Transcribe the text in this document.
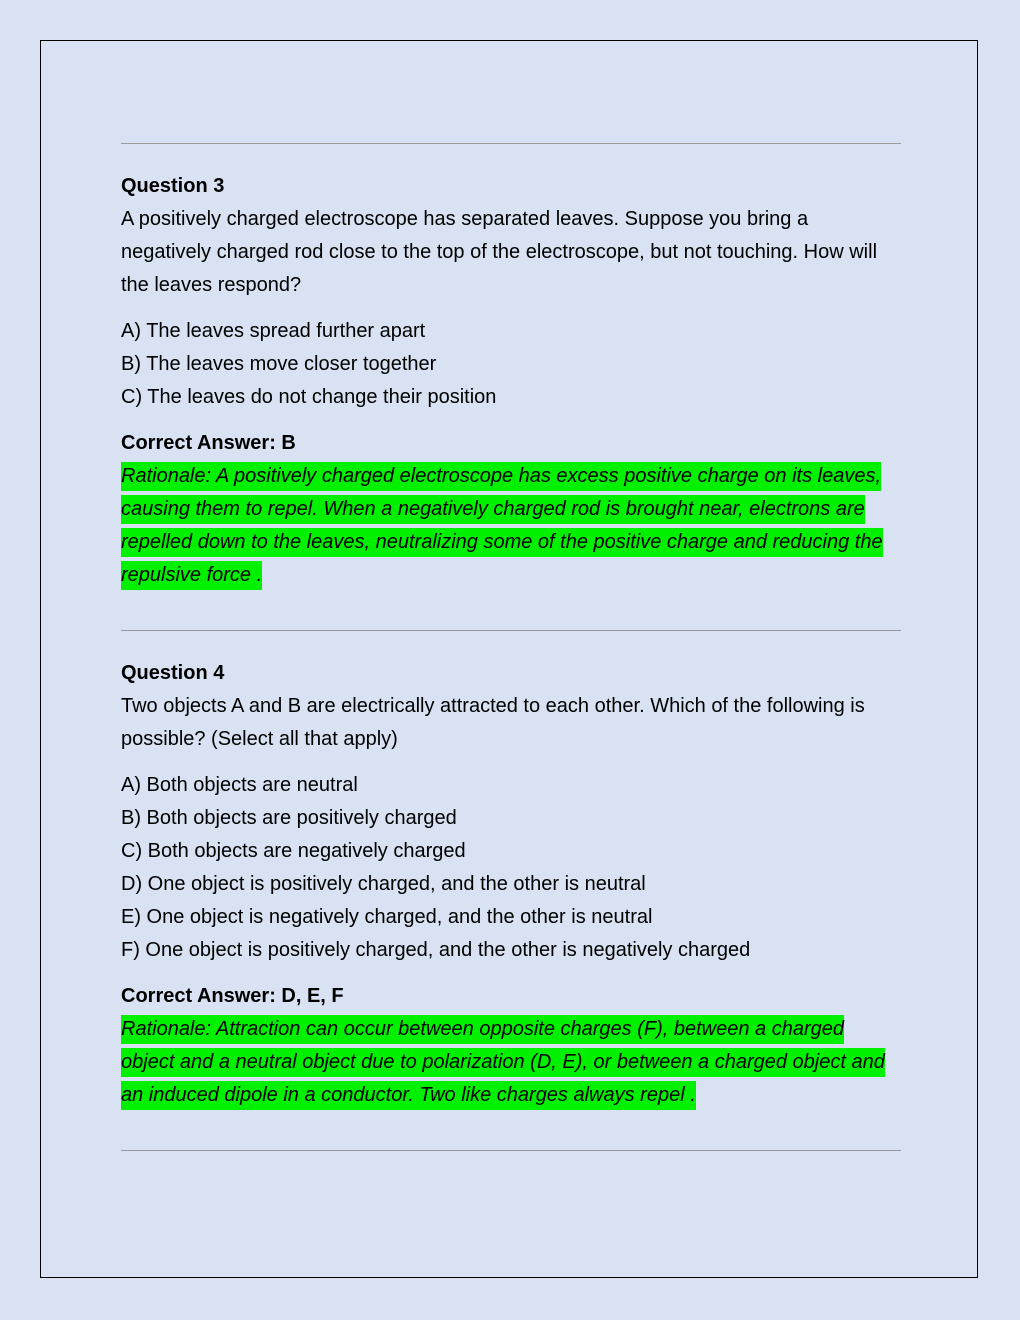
Question 3
A positively charged electroscope has separated leaves. Suppose you bring a negatively charged rod close to the top of the electroscope, but not touching. How will the leaves respond?
A) The leaves spread further apart
B) The leaves move closer together
C) The leaves do not change their position
Correct Answer: B
Rationale: A positively charged electroscope has excess positive charge on its leaves, causing them to repel. When a negatively charged rod is brought near, electrons are repelled down to the leaves, neutralizing some of the positive charge and reducing the repulsive force .
Question 4
Two objects A and B are electrically attracted to each other. Which of the following is possible? (Select all that apply)
A) Both objects are neutral
B) Both objects are positively charged
C) Both objects are negatively charged
D) One object is positively charged, and the other is neutral
E) One object is negatively charged, and the other is neutral
F) One object is positively charged, and the other is negatively charged
Correct Answer: D, E, F
Rationale: Attraction can occur between opposite charges (F), between a charged object and a neutral object due to polarization (D, E), or between a charged object and an induced dipole in a conductor. Two like charges always repel .
